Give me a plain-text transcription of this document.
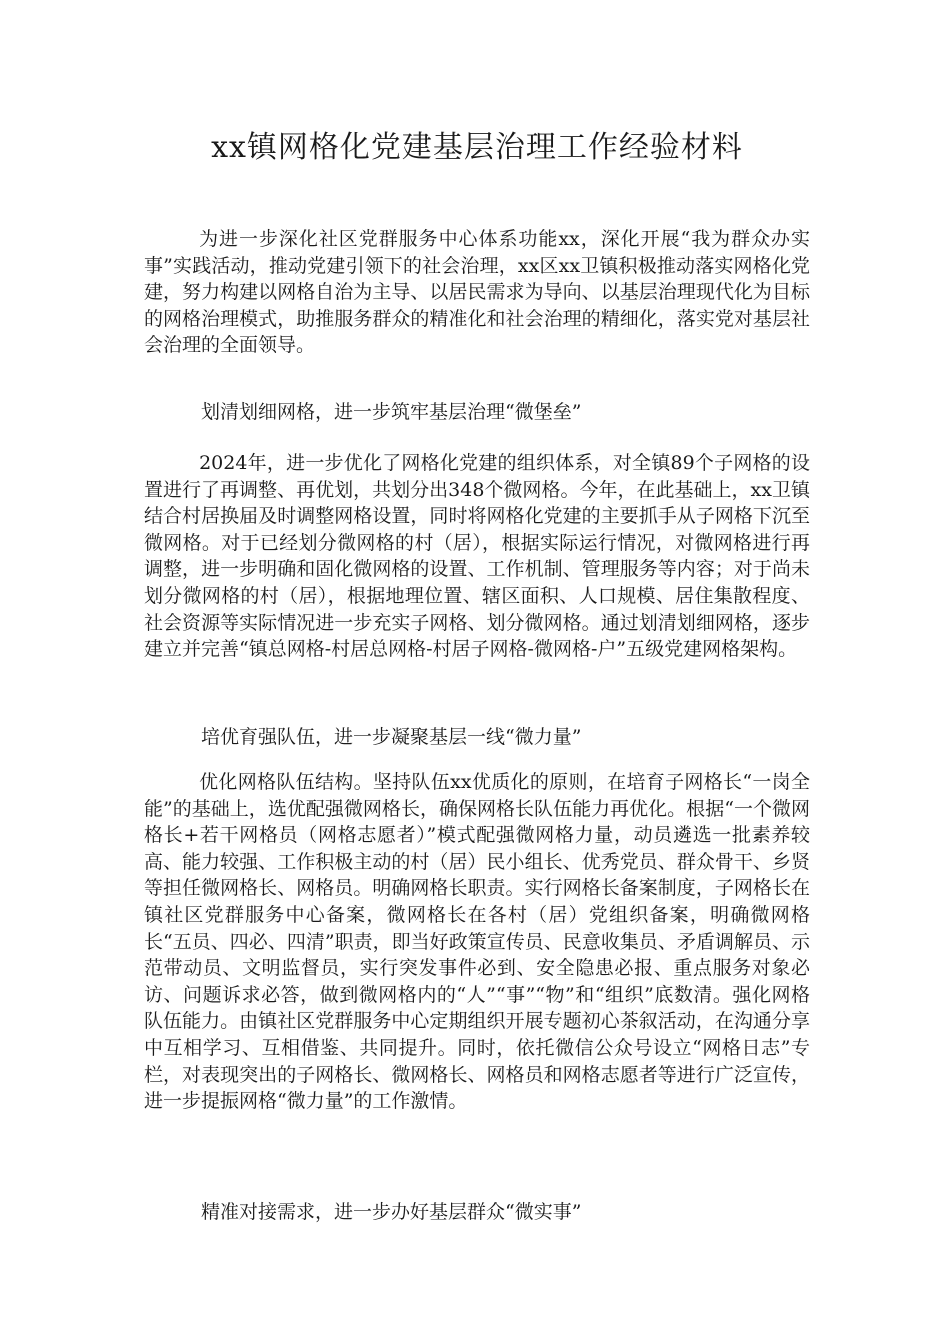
xx镇网格化党建基层治理工作经验材料

为进一步深化社区党群服务中心体系功能xx，深化开展“我为群众办实事”实践活动，推动党建引领下的社会治理，xx区xx卫镇积极推动落实网格化党建，努力构建以网格自治为主导、以居民需求为导向、以基层治理现代化为目标的网格治理模式，助推服务群众的精准化和社会治理的精细化，落实党对基层社会治理的全面领导。

划清划细网格，进一步筑牢基层治理“微堡垒”

2024年，进一步优化了网格化党建的组织体系，对全镇89个子网格的设置进行了再调整、再优划，共划分出348个微网格。今年，在此基础上，xx卫镇结合村居换届及时调整网格设置，同时将网格化党建的主要抓手从子网格下沉至微网格。对于已经划分微网格的村（居），根据实际运行情况，对微网格进行再调整，进一步明确和固化微网格的设置、工作机制、管理服务等内容；对于尚未划分微网格的村（居），根据地理位置、辖区面积、人口规模、居住集散程度、社会资源等实际情况进一步充实子网格、划分微网格。通过划清划细网格，逐步建立并完善“镇总网格-村居总网格-村居子网格-微网格-户”五级党建网格架构。

培优育强队伍，进一步凝聚基层一线“微力量”

优化网格队伍结构。坚持队伍xx优质化的原则，在培育子网格长“一岗全能”的基础上，选优配强微网格长，确保网格长队伍能力再优化。根据“一个微网格长+若干网格员（网格志愿者）”模式配强微网格力量，动员遴选一批素养较高、能力较强、工作积极主动的村（居）民小组长、优秀党员、群众骨干、乡贤等担任微网格长、网格员。明确网格长职责。实行网格长备案制度，子网格长在镇社区党群服务中心备案，微网格长在各村（居）党组织备案，明确微网格长“五员、四必、四清”职责，即当好政策宣传员、民意收集员、矛盾调解员、示范带动员、文明监督员，实行突发事件必到、安全隐患必报、重点服务对象必访、问题诉求必答，做到微网格内的“人”“事”“物”和“组织”底数清。强化网格队伍能力。由镇社区党群服务中心定期组织开展专题初心茶叙活动，在沟通分享中互相学习、互相借鉴、共同提升。同时，依托微信公众号设立“网格日志”专栏，对表现突出的子网格长、微网格长、网格员和网格志愿者等进行广泛宣传，进一步提振网格“微力量”的工作激情。

精准对接需求，进一步办好基层群众“微实事”
